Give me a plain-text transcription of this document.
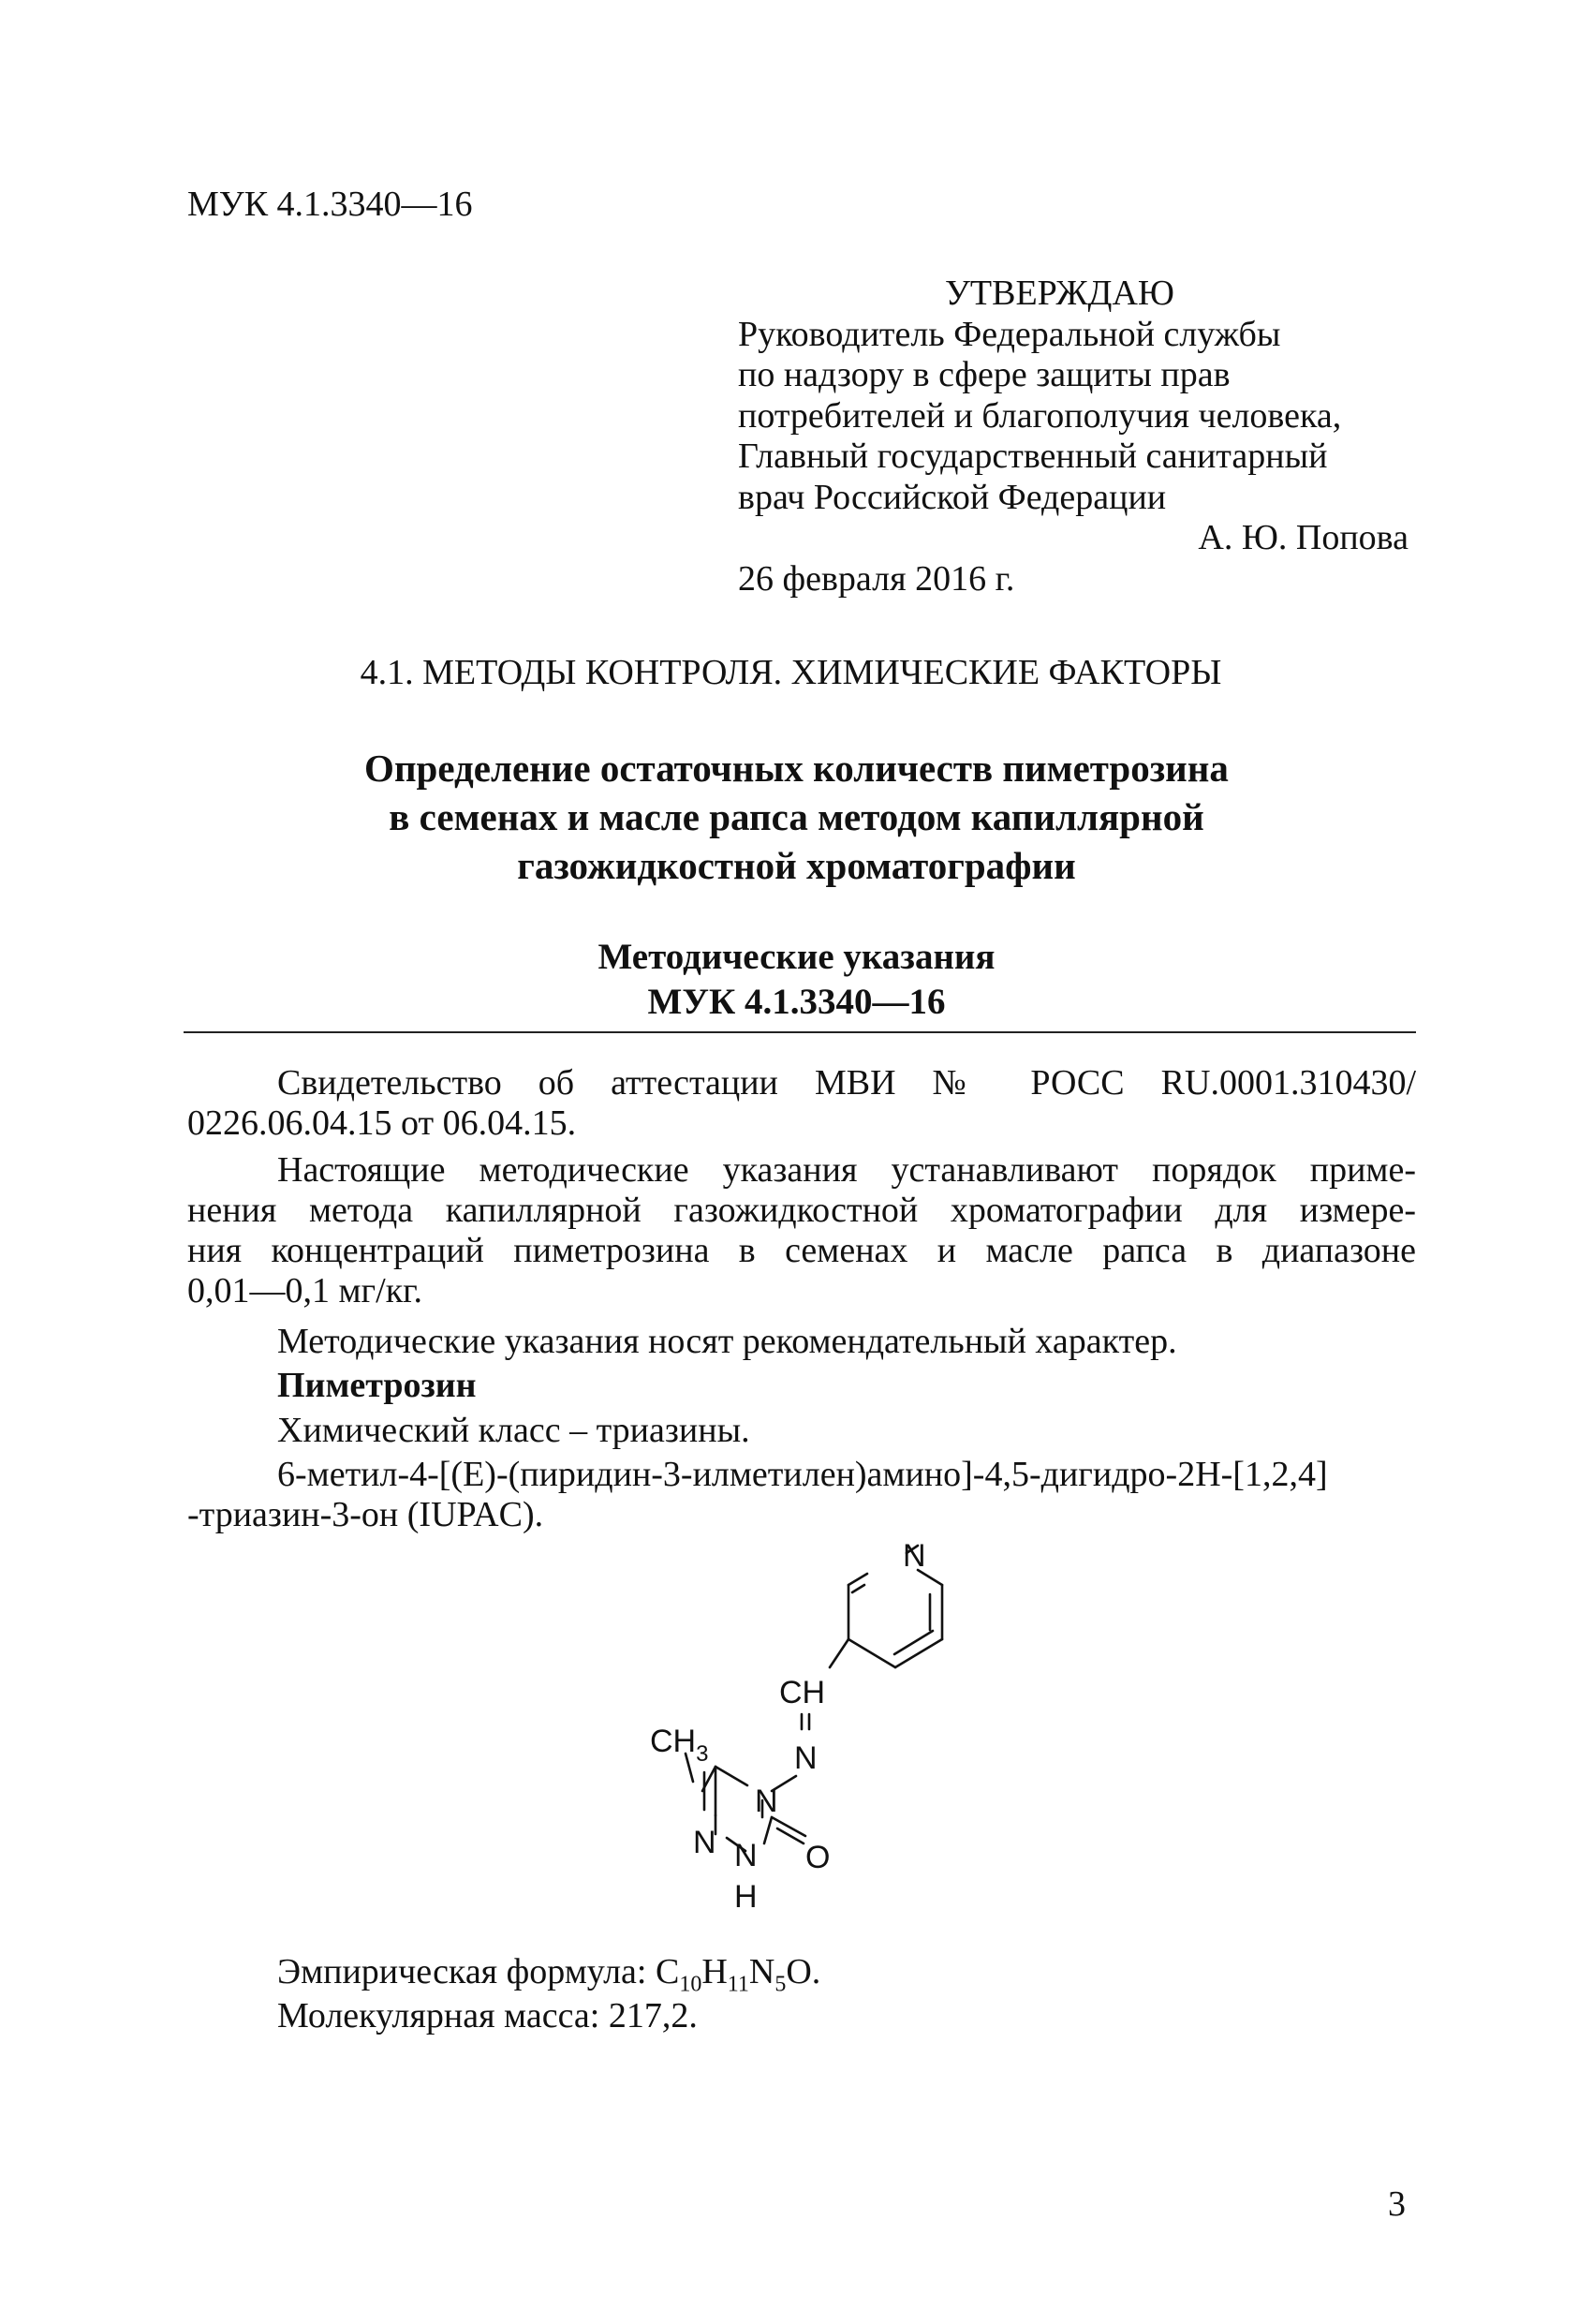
МУК 4.1.3340—16
УТВЕРЖДАЮ
Руководитель Федеральной службы
по надзору в сфере защиты прав
потребителей и благополучия человека,
Главный государственный санитарный
врач Российской Федерации
А. Ю. Попова
26 февраля 2016 г.
4.1. МЕТОДЫ КОНТРОЛЯ. ХИМИЧЕСКИЕ ФАКТОРЫ
Определение остаточных количеств пиметрозина
в семенах и масле рапса методом капиллярной
газожидкостной хроматографии
Методические указания
МУК 4.1.3340—16
Свидетельство об аттестации МВИ № РОСС RU.0001.310430/
0226.06.04.15 от 06.04.15.
Настоящие методические указания устанавливают порядок приме-
нения метода капиллярной газожидкостной хроматографии для измере-
ния концентраций пиметрозина в семенах и масле рапса в диапазоне
0,01—0,1 мг/кг.
Методические указания носят рекомендательный характер.
Пиметрозин
Химический класс – триазины.
6-метил-4-[(E)-(пиридин-3-илметилен)амино]-4,5-дигидро-2Н-[1,2,4]
-триазин-3-он (IUPAC).
N
CH
N
$CH_3$
N
N N
H
O
Эмпирическая формула: $C_{10}H_{11}N_5O$.
Молекулярная масса: 217,2.
3
